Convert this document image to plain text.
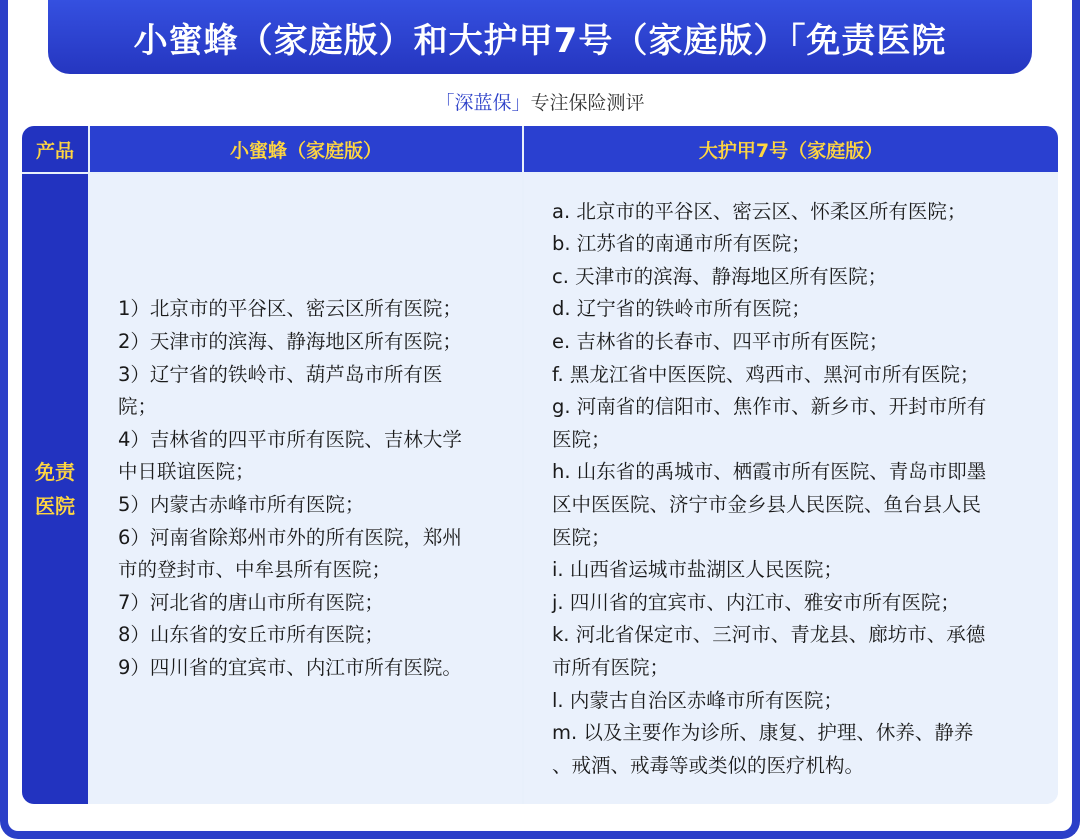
小蜜蜂（家庭版）和大护甲7号（家庭版）「免责医院
「深蓝保」专注保险测评
产品	小蜜蜂（家庭版）	大护甲7号（家庭版）
免责
医院
1）北京市的平谷区、密云区所有医院；
2）天津市的滨海、静海地区所有医院；
3）辽宁省的铁岭市、葫芦岛市所有医
院；
4）吉林省的四平市所有医院、吉林大学
中日联谊医院；
5）内蒙古赤峰市所有医院；
6）河南省除郑州市外的所有医院，郑州
市的登封市、中牟县所有医院；
7）河北省的唐山市所有医院；
8）山东省的安丘市所有医院；
9）四川省的宜宾市、内江市所有医院。
a. 北京市的平谷区、密云区、怀柔区所有医院；
b. 江苏省的南通市所有医院；
c. 天津市的滨海、静海地区所有医院；
d. 辽宁省的铁岭市所有医院；
e. 吉林省的长春市、四平市所有医院；
f. 黑龙江省中医医院、鸡西市、黑河市所有医院；
g. 河南省的信阳市、焦作市、新乡市、开封市所有
医院；
h. 山东省的禹城市、栖霞市所有医院、青岛市即墨
区中医医院、济宁市金乡县人民医院、鱼台县人民
医院；
i. 山西省运城市盐湖区人民医院；
j. 四川省的宜宾市、内江市、雅安市所有医院；
k. 河北省保定市、三河市、青龙县、廊坊市、承德
市所有医院；
l. 内蒙古自治区赤峰市所有医院；
m. 以及主要作为诊所、康复、护理、休养、静养
、戒酒、戒毒等或类似的医疗机构。
